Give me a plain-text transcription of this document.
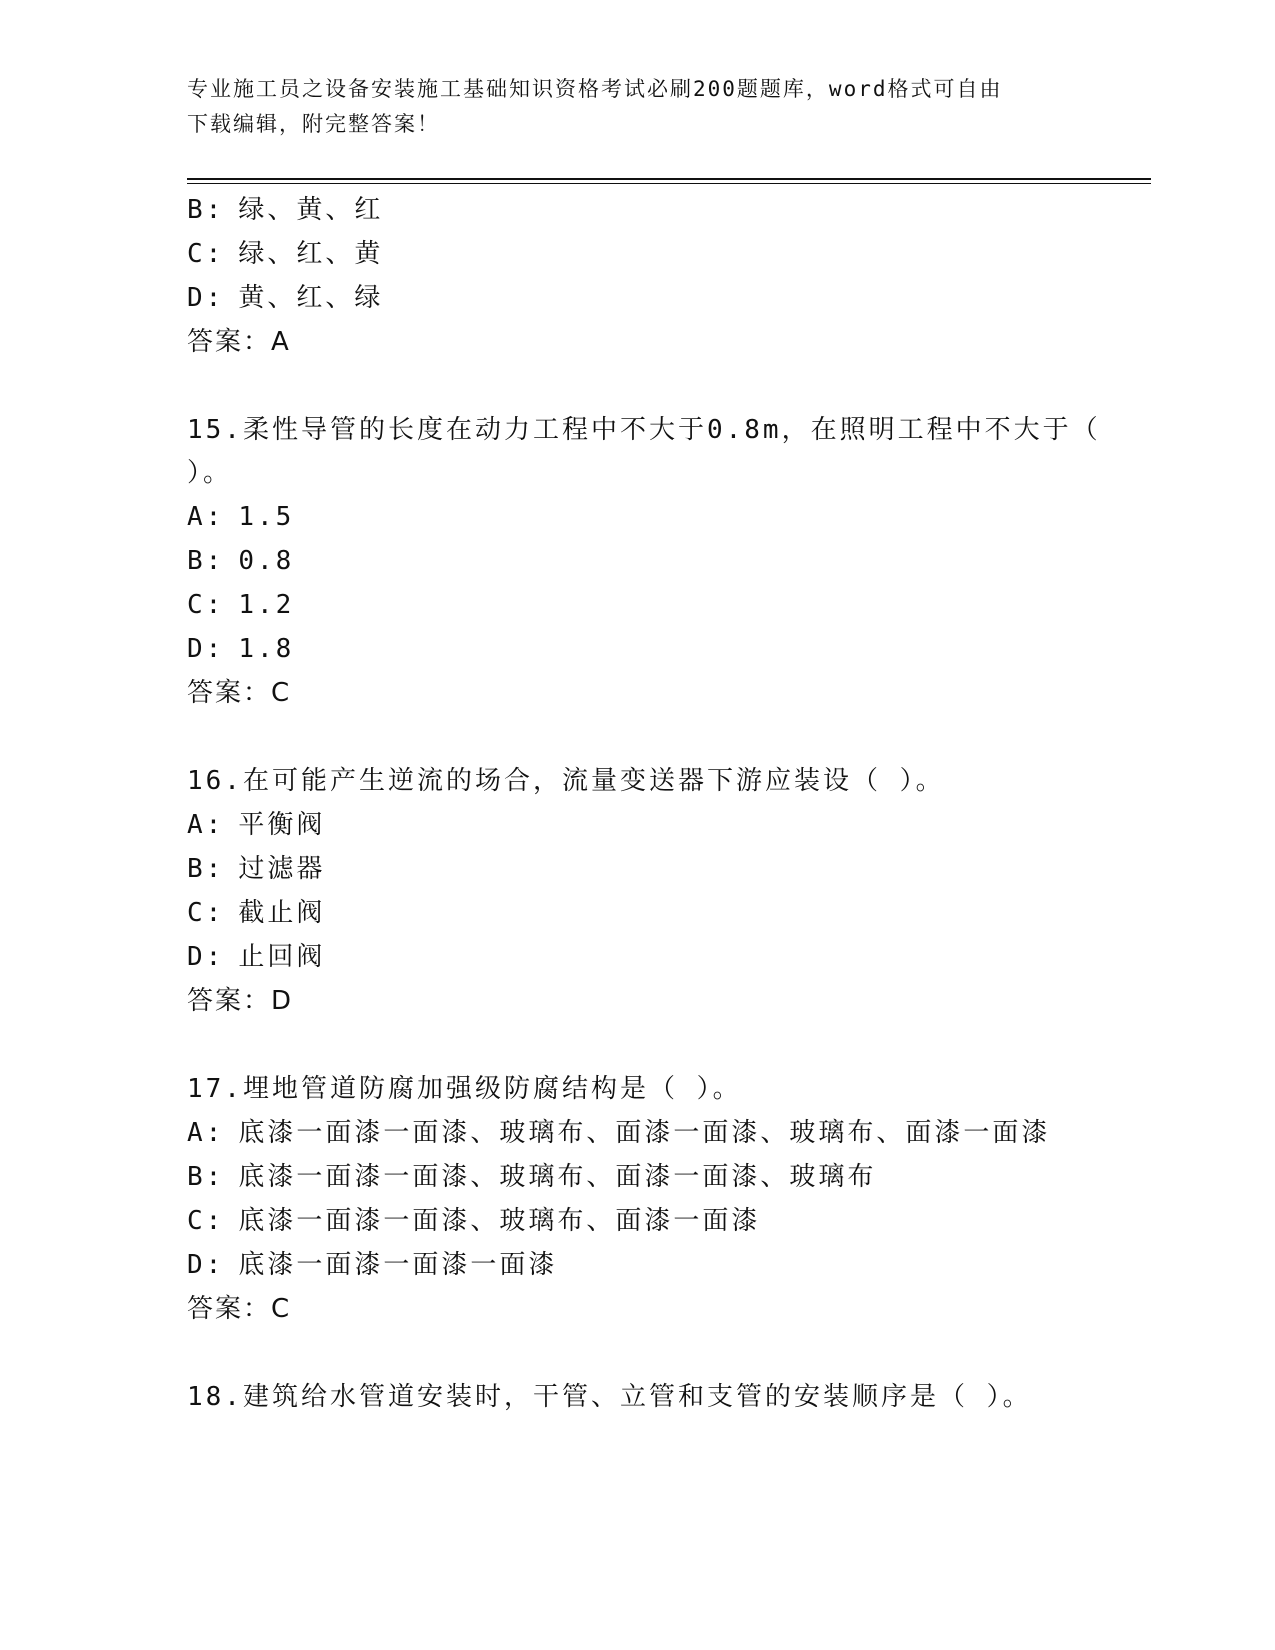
专业施工员之设备安装施工基础知识资格考试必刷200题题库，word格式可自由
下载编辑，附完整答案！
B: 绿、黄、红
C: 绿、红、黄
D: 黄、红、绿
答案：A
15.柔性导管的长度在动力工程中不大于0.8m，在照明工程中不大于（
）。
A: 1.5
B: 0.8
C: 1.2
D: 1.8
答案：C
16.在可能产生逆流的场合，流量变送器下游应装设（ ）。
A: 平衡阀
B: 过滤器
C: 截止阀
D: 止回阀
答案：D
17.埋地管道防腐加强级防腐结构是（ ）。
A: 底漆一面漆一面漆、玻璃布、面漆一面漆、玻璃布、面漆一面漆
B: 底漆一面漆一面漆、玻璃布、面漆一面漆、玻璃布
C: 底漆一面漆一面漆、玻璃布、面漆一面漆
D: 底漆一面漆一面漆一面漆
答案：C
18.建筑给水管道安装时，干管、立管和支管的安装顺序是（ ）。
